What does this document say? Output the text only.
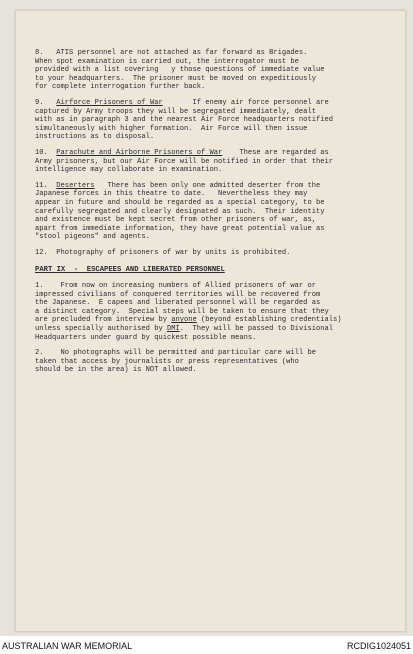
8.   ATIS personnel are not attached as far forward as Brigades.
When spot examination is carried out, the interrogator must be
provided with a list covering   y those questions of immediate value
to your headquarters.  The prisoner must be moved on expeditiously
for complete interrogation further back.

9.   Airforce Prisoners of War	If enemy air force personnel are
captured by Army troops they will be segregated immediately, dealt
with as in paragraph 3 and the nearest Air Force headquarters notified
simultaneously with higher formation.  Air Force will then issue
instructions as to disposal.

10.  Parachute and Airborne Prisoners of War    These are regarded as
Army prisoners, but our Air Force will be notified in order that their
intelligence may collaborate in examination.

11.  Deserters   There has been only one admitted deserter from the
Japanese forces in this theatre to date.   Nevertheless they may
appear in future and should be regarded as a special category, to be
carefully segregated and clearly designated as such.  Their identity
and existence must be kept secret from other prisoners of war, as,
apart from immediate information, they have great potential value as
"stool pigeons" and agents.

12.  Photography of prisoners of war by units is prohibited.

PART IX  -  ESCAPEES AND LIBERATED PERSONNEL

1.    From now on increasing numbers of Allied prisoners of war or
impressed civilians of conquered territories will be recovered from
the Japanese.  E capees and liberated personnel will be regarded as
a distinct category.  Special steps will be taken to ensure that they
are precluded from interview by anyone (beyond establishing credentials)
unless specially authorised by DMI.  They will be passed to Divisional
Headquarters under guard by quickest possible means.

2.    No photographs will be permitted and particular care will be
taken that access by journalists or press representatives (who
should be in the area) is NOT allowed.

AUSTRALIAN WAR MEMORIAL	RCDIG1024051
